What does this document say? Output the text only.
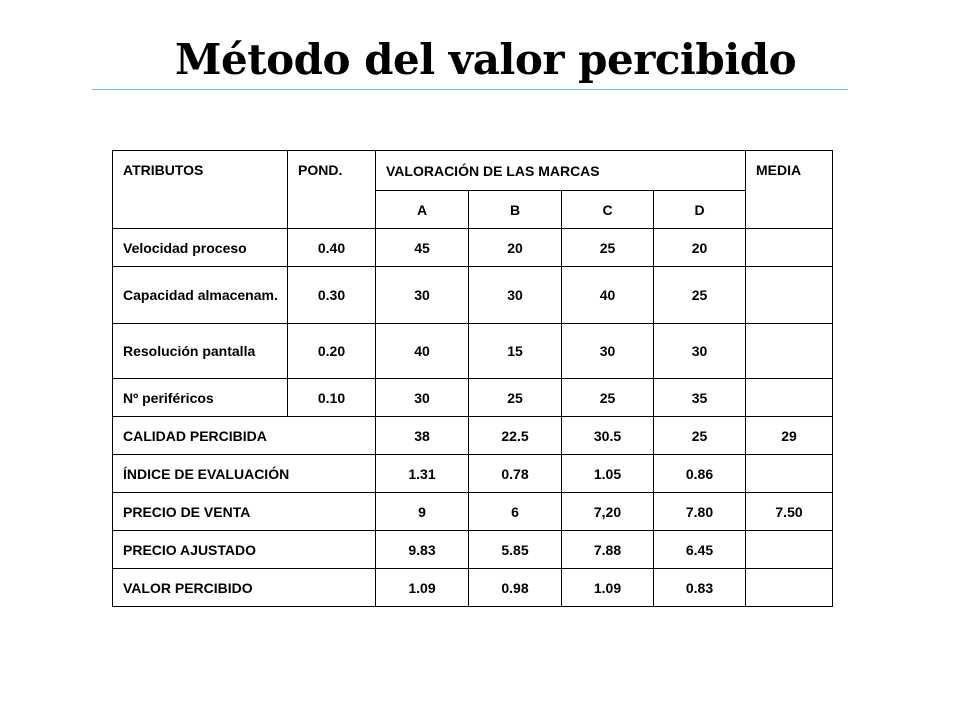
Método del valor percibido
ATRIBUTOS	POND.	VALORACIÓN DE LAS MARCAS				MEDIA
		A	B	C	D	
Velocidad proceso	0.40	45	20	25	20	
Capacidad almacenam.	0.30	30	30	40	25	
Resolución pantalla	0.20	40	15	30	30	
Nº periféricos	0.10	30	25	25	35	
CALIDAD PERCIBIDA		38	22.5	30.5	25	29
ÍNDICE DE EVALUACIÓN		1.31	0.78	1.05	0.86	
PRECIO DE VENTA		9	6	7,20	7.80	7.50
PRECIO AJUSTADO		9.83	5.85	7.88	6.45	
VALOR PERCIBIDO		1.09	0.98	1.09	0.83	
